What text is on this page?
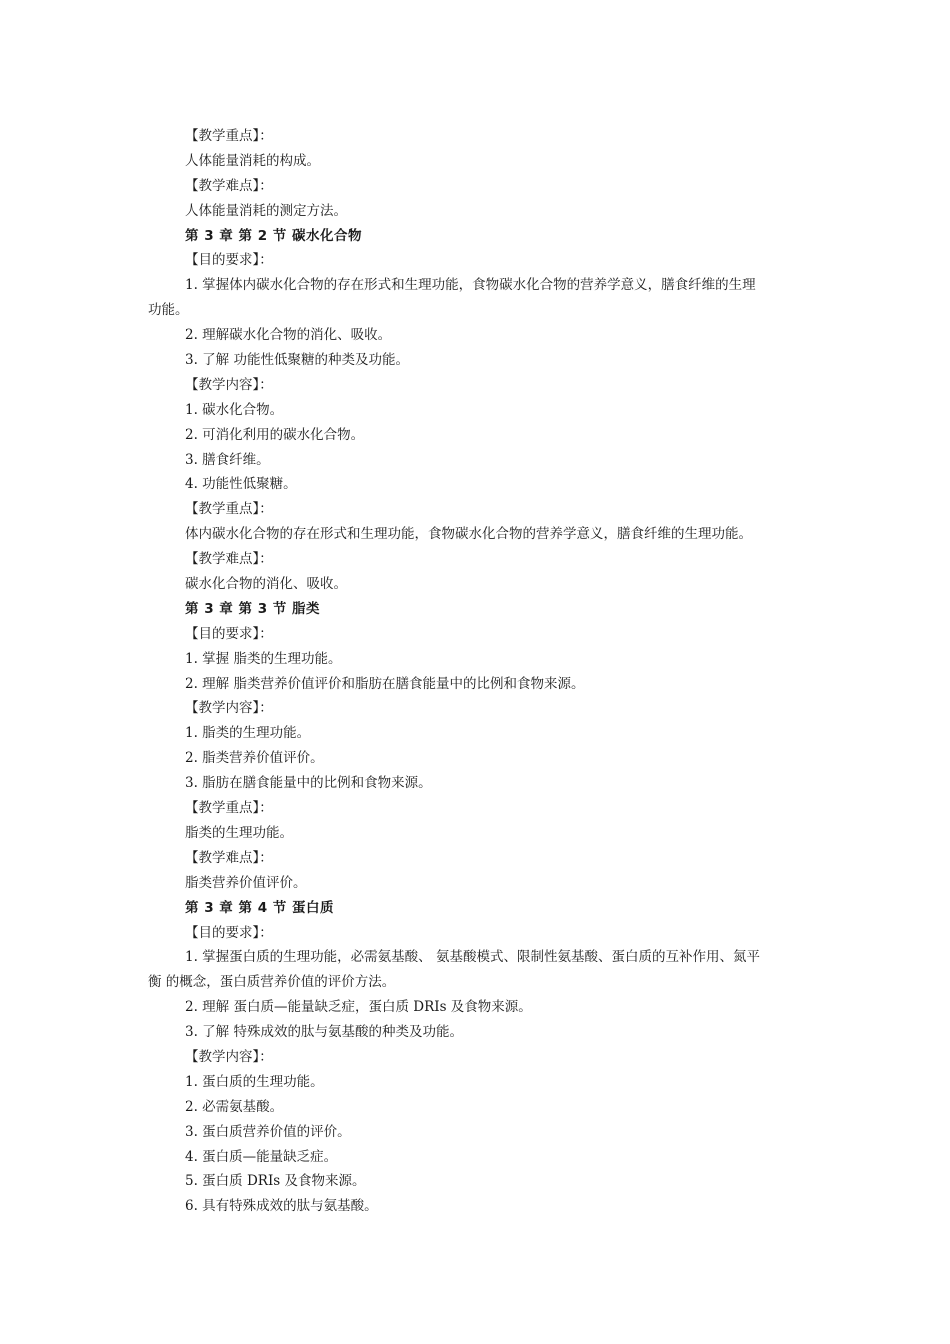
【教学重点】：
人体能量消耗的构成。
【教学难点】：
人体能量消耗的测定方法。
第 3 章 第 2 节 碳水化合物
【目的要求】：
1. 掌握体内碳水化合物的存在形式和生理功能，食物碳水化合物的营养学意义，膳食纤维的生理
功能。
2. 理解碳水化合物的消化、吸收。
3. 了解 功能性低聚糖的种类及功能。
【教学内容】：
1. 碳水化合物。
2. 可消化利用的碳水化合物。
3. 膳食纤维。
4. 功能性低聚糖。
【教学重点】：
体内碳水化合物的存在形式和生理功能，食物碳水化合物的营养学意义，膳食纤维的生理功能。
【教学难点】：
碳水化合物的消化、吸收。
第 3 章 第 3 节 脂类
【目的要求】：
1. 掌握 脂类的生理功能。
2. 理解 脂类营养价值评价和脂肪在膳食能量中的比例和食物来源。
【教学内容】：
1. 脂类的生理功能。
2. 脂类营养价值评价。
3. 脂肪在膳食能量中的比例和食物来源。
【教学重点】：
脂类的生理功能。
【教学难点】：
脂类营养价值评价。
第 3 章 第 4 节 蛋白质
【目的要求】：
1. 掌握蛋白质的生理功能，必需氨基酸、 氨基酸模式、限制性氨基酸、蛋白质的互补作用、氮平
衡 的概念，蛋白质营养价值的评价方法。
2. 理解 蛋白质—能量缺乏症，蛋白质 DRIs 及食物来源。
3. 了解 特殊成效的肽与氨基酸的种类及功能。
【教学内容】：
1. 蛋白质的生理功能。
2. 必需氨基酸。
3. 蛋白质营养价值的评价。
4. 蛋白质—能量缺乏症。
5. 蛋白质 DRIs 及食物来源。
6. 具有特殊成效的肽与氨基酸。
